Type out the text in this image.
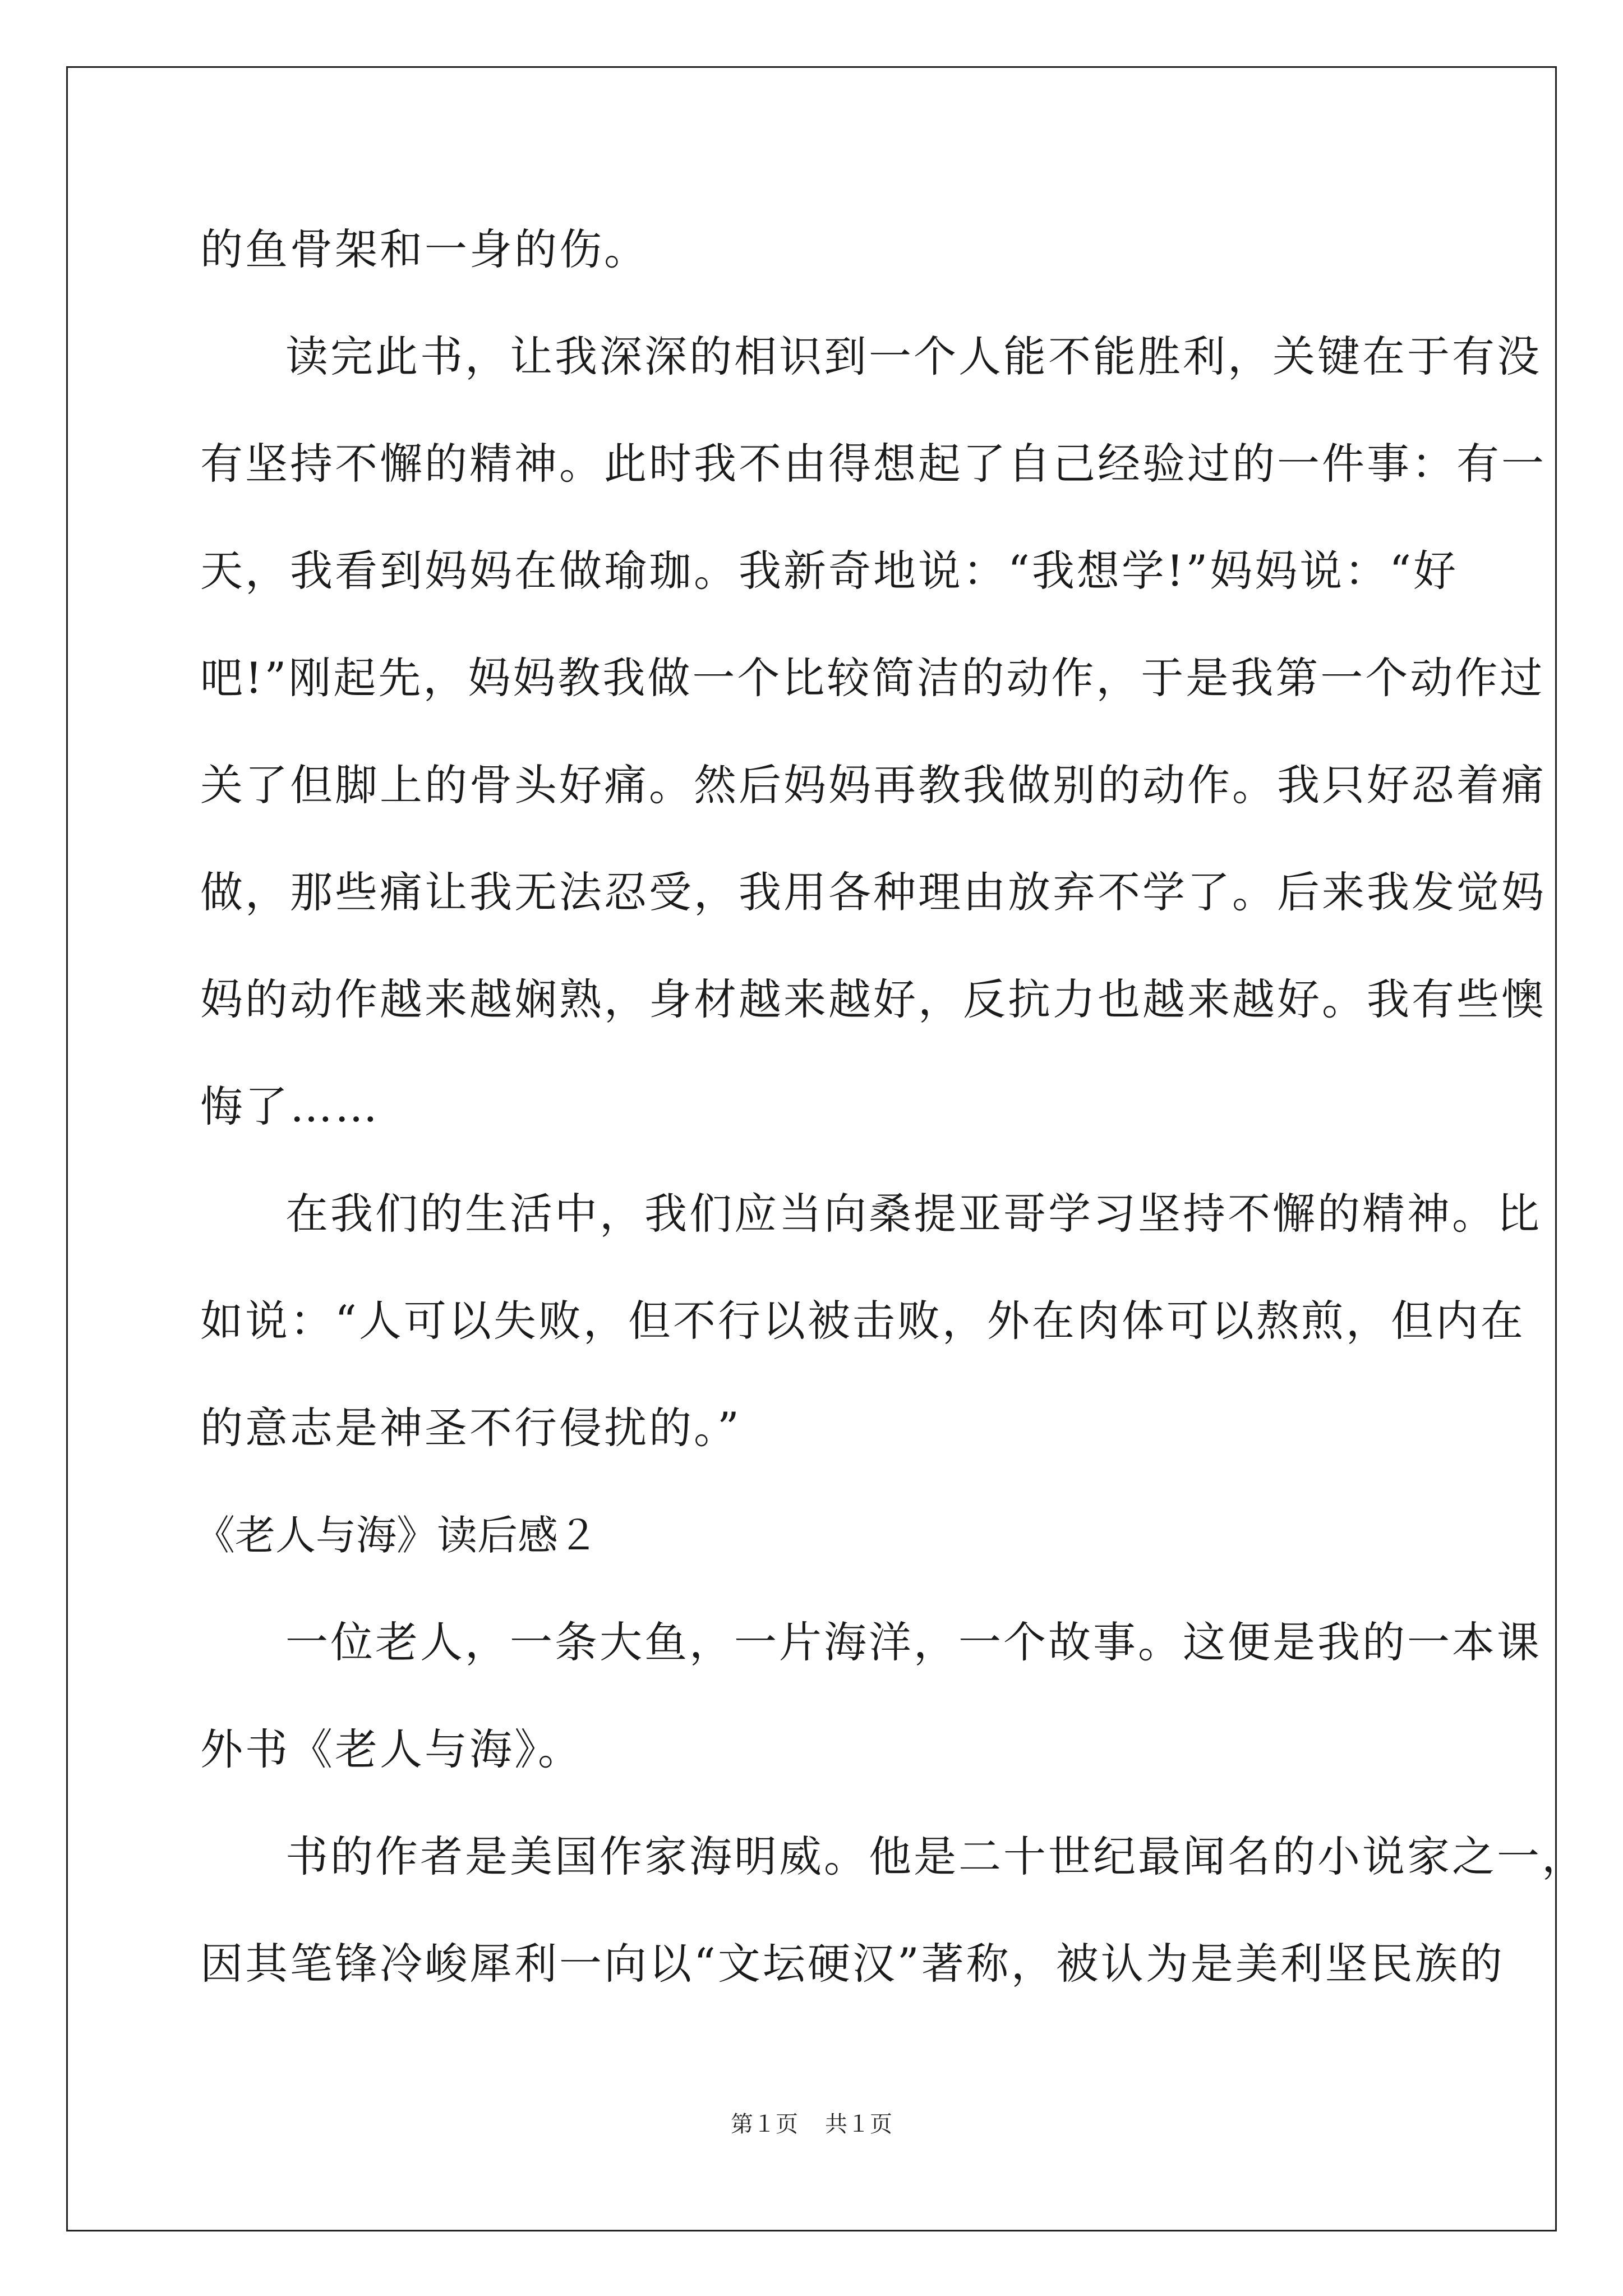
的鱼骨架和一身的伤。
读完此书，让我深深的相识到一个人能不能胜利，关键在于有没
有坚持不懈的精神。此时我不由得想起了自己经验过的一件事：有一
天，我看到妈妈在做瑜珈。我新奇地说：“我想学!”妈妈说：“好
吧!”刚起先，妈妈教我做一个比较简洁的动作，于是我第一个动作过
关了但脚上的骨头好痛。然后妈妈再教我做别的动作。我只好忍着痛
做，那些痛让我无法忍受，我用各种理由放弃不学了。后来我发觉妈
妈的动作越来越娴熟，身材越来越好，反抗力也越来越好。我有些懊
悔了……
在我们的生活中，我们应当向桑提亚哥学习坚持不懈的精神。比
如说：“人可以失败，但不行以被击败，外在肉体可以熬煎，但内在
的意志是神圣不行侵扰的。”
《老人与海》读后感２
一位老人，一条大鱼，一片海洋，一个故事。这便是我的一本课
外书《老人与海》。
书的作者是美国作家海明威。他是二十世纪最闻名的小说家之一，
因其笔锋冷峻犀利一向以“文坛硬汉”著称，被认为是美利坚民族的
第１页 共１页
